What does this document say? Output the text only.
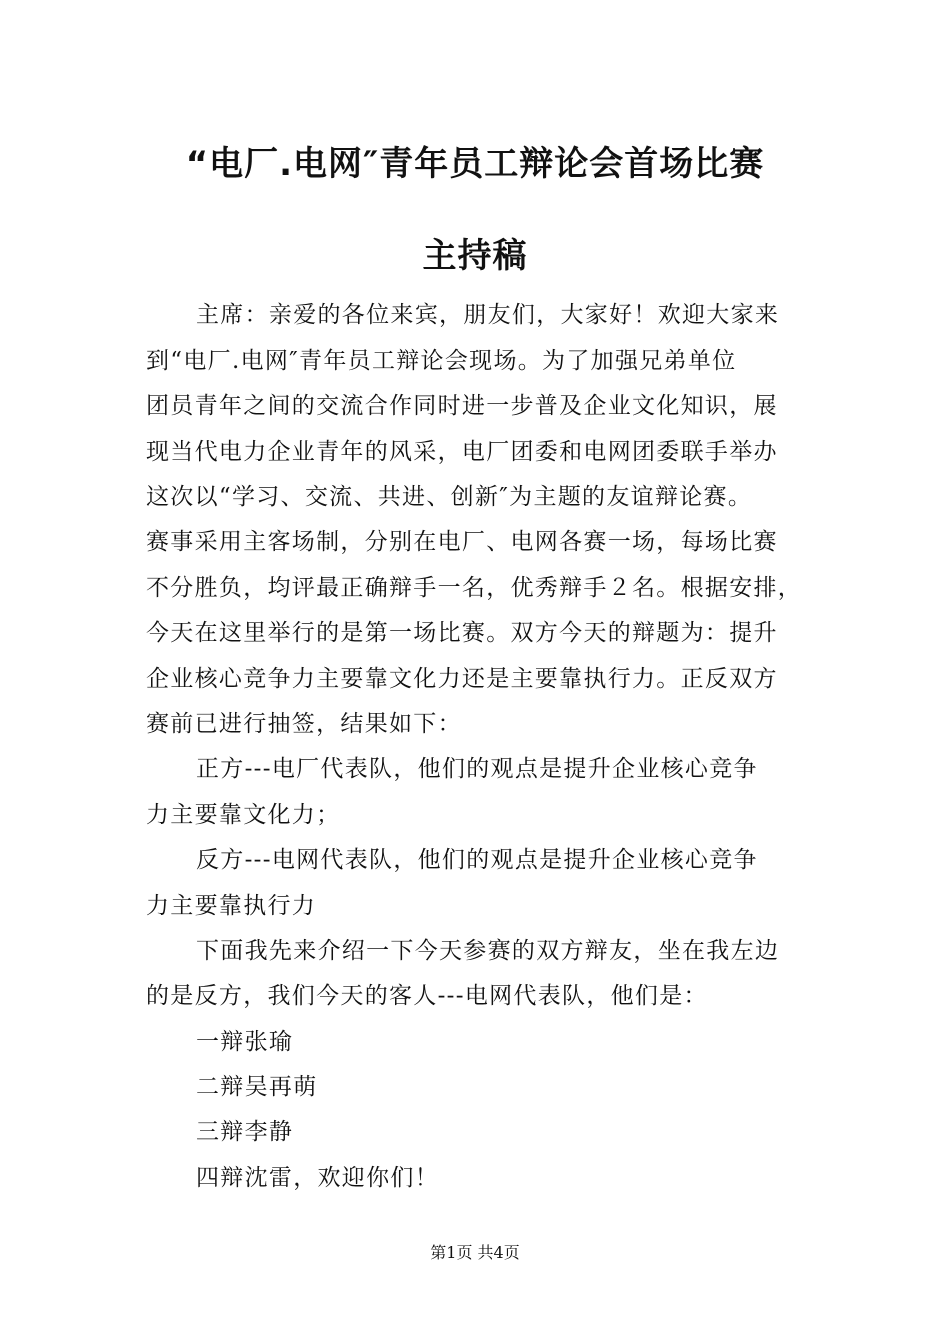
“电厂.电网″青年员工辩论会首场比赛
主持稿
主席：亲爱的各位来宾，朋友们，大家好！欢迎大家来
到“电厂.电网″青年员工辩论会现场。为了加强兄弟单位
团员青年之间的交流合作同时进一步普及企业文化知识，展
现当代电力企业青年的风采，电厂团委和电网团委联手举办
这次以“学习、交流、共进、创新″为主题的友谊辩论赛。
赛事采用主客场制，分别在电厂、电网各赛一场，每场比赛
不分胜负，均评最正确辩手一名，优秀辩手２名。根据安排，
今天在这里举行的是第一场比赛。双方今天的辩题为：提升
企业核心竞争力主要靠文化力还是主要靠执行力。正反双方
赛前已进行抽签，结果如下：
正方---电厂代表队，他们的观点是提升企业核心竞争
力主要靠文化力；
反方---电网代表队，他们的观点是提升企业核心竞争
力主要靠执行力
下面我先来介绍一下今天参赛的双方辩友，坐在我左边
的是反方，我们今天的客人---电网代表队，他们是：
一辩张瑜
二辩吴再萌
三辩李静
四辩沈雷，欢迎你们！
第1页 共4页
